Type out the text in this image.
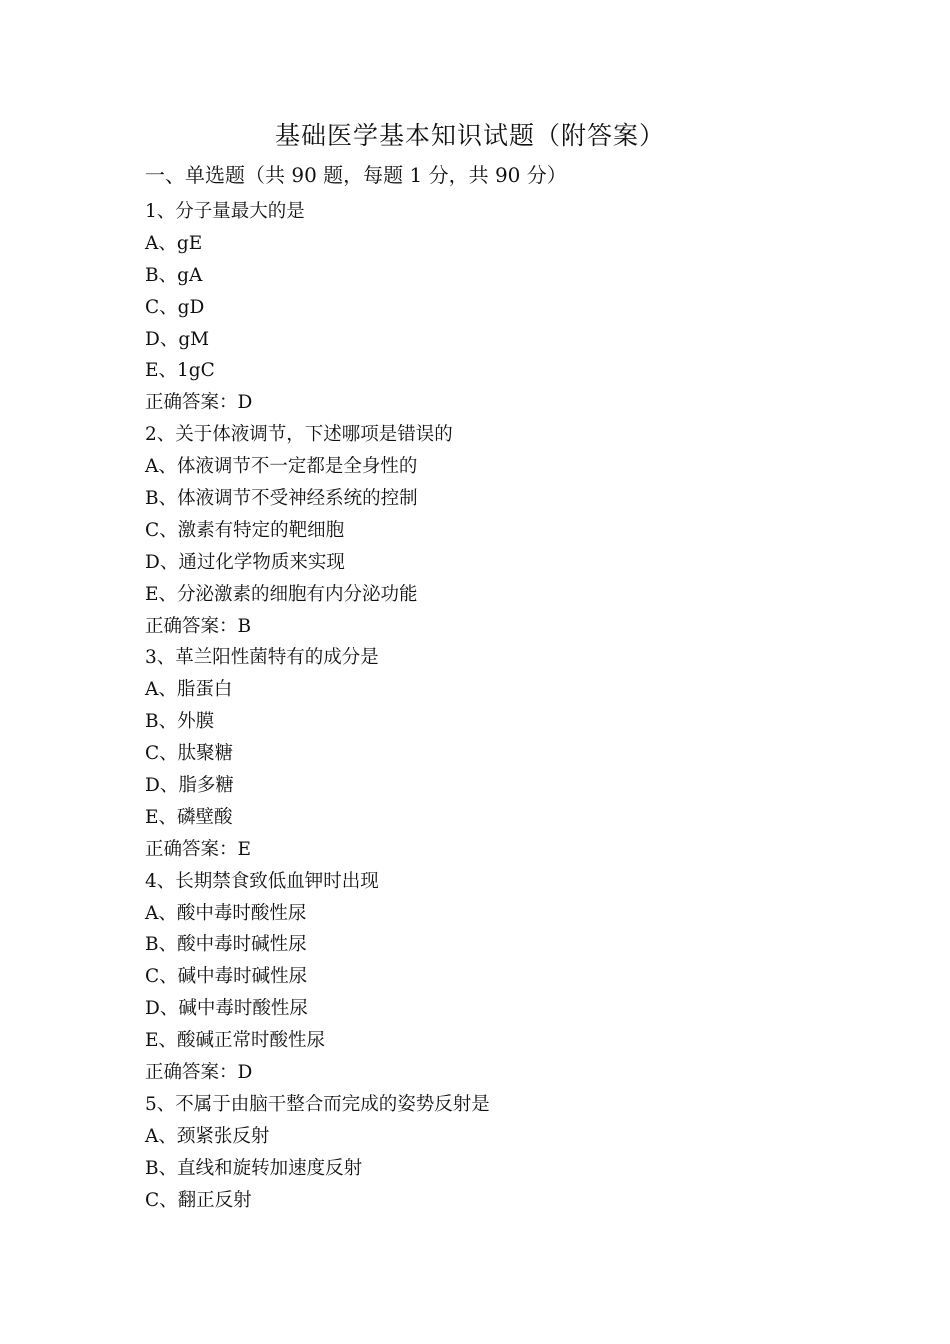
基础医学基本知识试题（附答案）
一、单选题（共 90 题，每题 1 分，共 90 分）
1、分子量最大的是
A、gE
B、gA
C、gD
D、gM
E、1gC
正确答案：D
2、关于体液调节，下述哪项是错误的
A、体液调节不一定都是全身性的
B、体液调节不受神经系统的控制
C、激素有特定的靶细胞
D、通过化学物质来实现
E、分泌激素的细胞有内分泌功能
正确答案：B
3、革兰阳性菌特有的成分是
A、脂蛋白
B、外膜
C、肽聚糖
D、脂多糖
E、磷壁酸
正确答案：E
4、长期禁食致低血钾时出现
A、酸中毒时酸性尿
B、酸中毒时碱性尿
C、碱中毒时碱性尿
D、碱中毒时酸性尿
E、酸碱正常时酸性尿
正确答案：D
5、不属于由脑干整合而完成的姿势反射是
A、颈紧张反射
B、直线和旋转加速度反射
C、翻正反射
